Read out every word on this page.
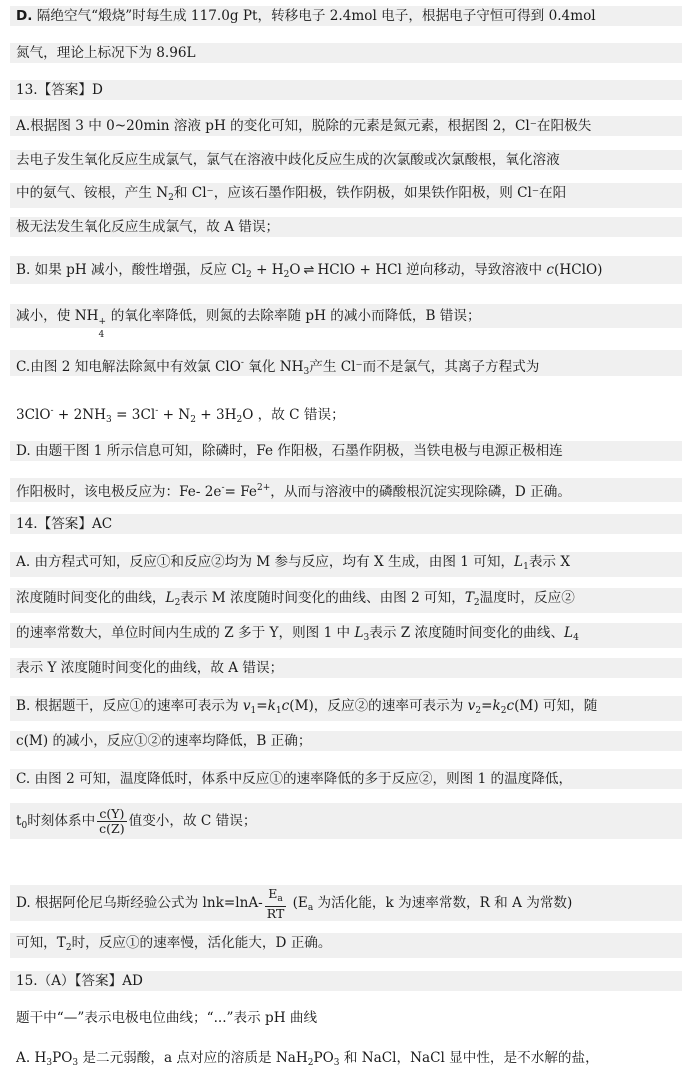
D. 隔绝空气“煅烧”时每生成 117.0g Pt，转移电子 2.4mol 电子，根据电子守恒可得到 0.4mol
氮气，理论上标况下为 8.96L
13.【答案】D
A.根据图 3 中 0~20min 溶液 pH 的变化可知，脱除的元素是氮元素，根据图 2，Cl⁻在阳极失
去电子发生氧化反应生成氯气，氯气在溶液中歧化反应生成的次氯酸或次氯酸根，氧化溶液
中的氨气、铵根，产生 $N_2$和 Cl⁻，应该石墨作阳极，铁作阴极，如果铁作阳极，则 Cl⁻在阳
极无法发生氧化反应生成氯气，故 A 错误；
B. 如果 pH 减小，酸性增强，反应 $Cl_2 + H_2O$ ⇌ HClO + HCl 逆向移动，导致溶液中 c(HClO)
减小，使 NH +
4
的氧化率降低，则氮的去除率随 pH 的减小而降低，B 错误；
C.由图 2 知电解法除氮中有效氯 ClO- 氧化 $NH_3$产生 Cl⁻而不是氯气，其离子方程式为
$3ClO^- + 2NH_3 = 3Cl^- + N_2 + 3H_2O$ ，故 C 错误；
D. 由题干图 1 所示信息可知，除磷时，Fe 作阳极，石墨作阴极，当铁电极与电源正极相连
作阳极时，该电极反应为：Fe- $2e^-= Fe^{2+}$，从而与溶液中的磷酸根沉淀实现除磷，D 正确。
14.【答案】AC
A. 由方程式可知，反应①和反应②均为 M 参与反应，均有 X 生成，由图 1 可知，$L_1$表示 X
浓度随时间变化的曲线，$L_2$表示 M 浓度随时间变化的曲线、由图 2 可知，$T_2$温度时，反应②
的速率常数大，单位时间内生成的 Z 多于 Y，则图 1 中 $L_3$表示 Z 浓度随时间变化的曲线、$L_4$
表示 Y 浓度随时间变化的曲线，故 A 错误；
B. 根据题干，反应①的速率可表示为 $v_1=k_1c(M)$，反应②的速率可表示为 $v_2=k_2c(M)$ 可知，随
c(M) 的减小，反应①②的速率均降低，B 正确；
C. 由图 2 可知，温度降低时，体系中反应①的速率降低的多于反应②，则图 1 的温度降低，
$t_0$时刻体系中 $\frac{c(Y)}{c(Z)}$ 值变小，故 C 错误；
D. 根据阿伦尼乌斯经验公式为 $\ln k=\ln A- \frac{E_a}{RT} (E_a$ 为活化能，k 为速率常数，R 和 A 为常数)
可知，$T_2$时，反应①的速率慢，活化能大，D 正确。
15.（A）【答案】AD
题干中“—”表示电极电位曲线；“...”表示 pH 曲线
A. $H_3PO_3$ 是二元弱酸，a 点对应的溶质是 $NaH_2PO_3$ 和 NaCl，NaCl 显中性，是不水解的盐，
